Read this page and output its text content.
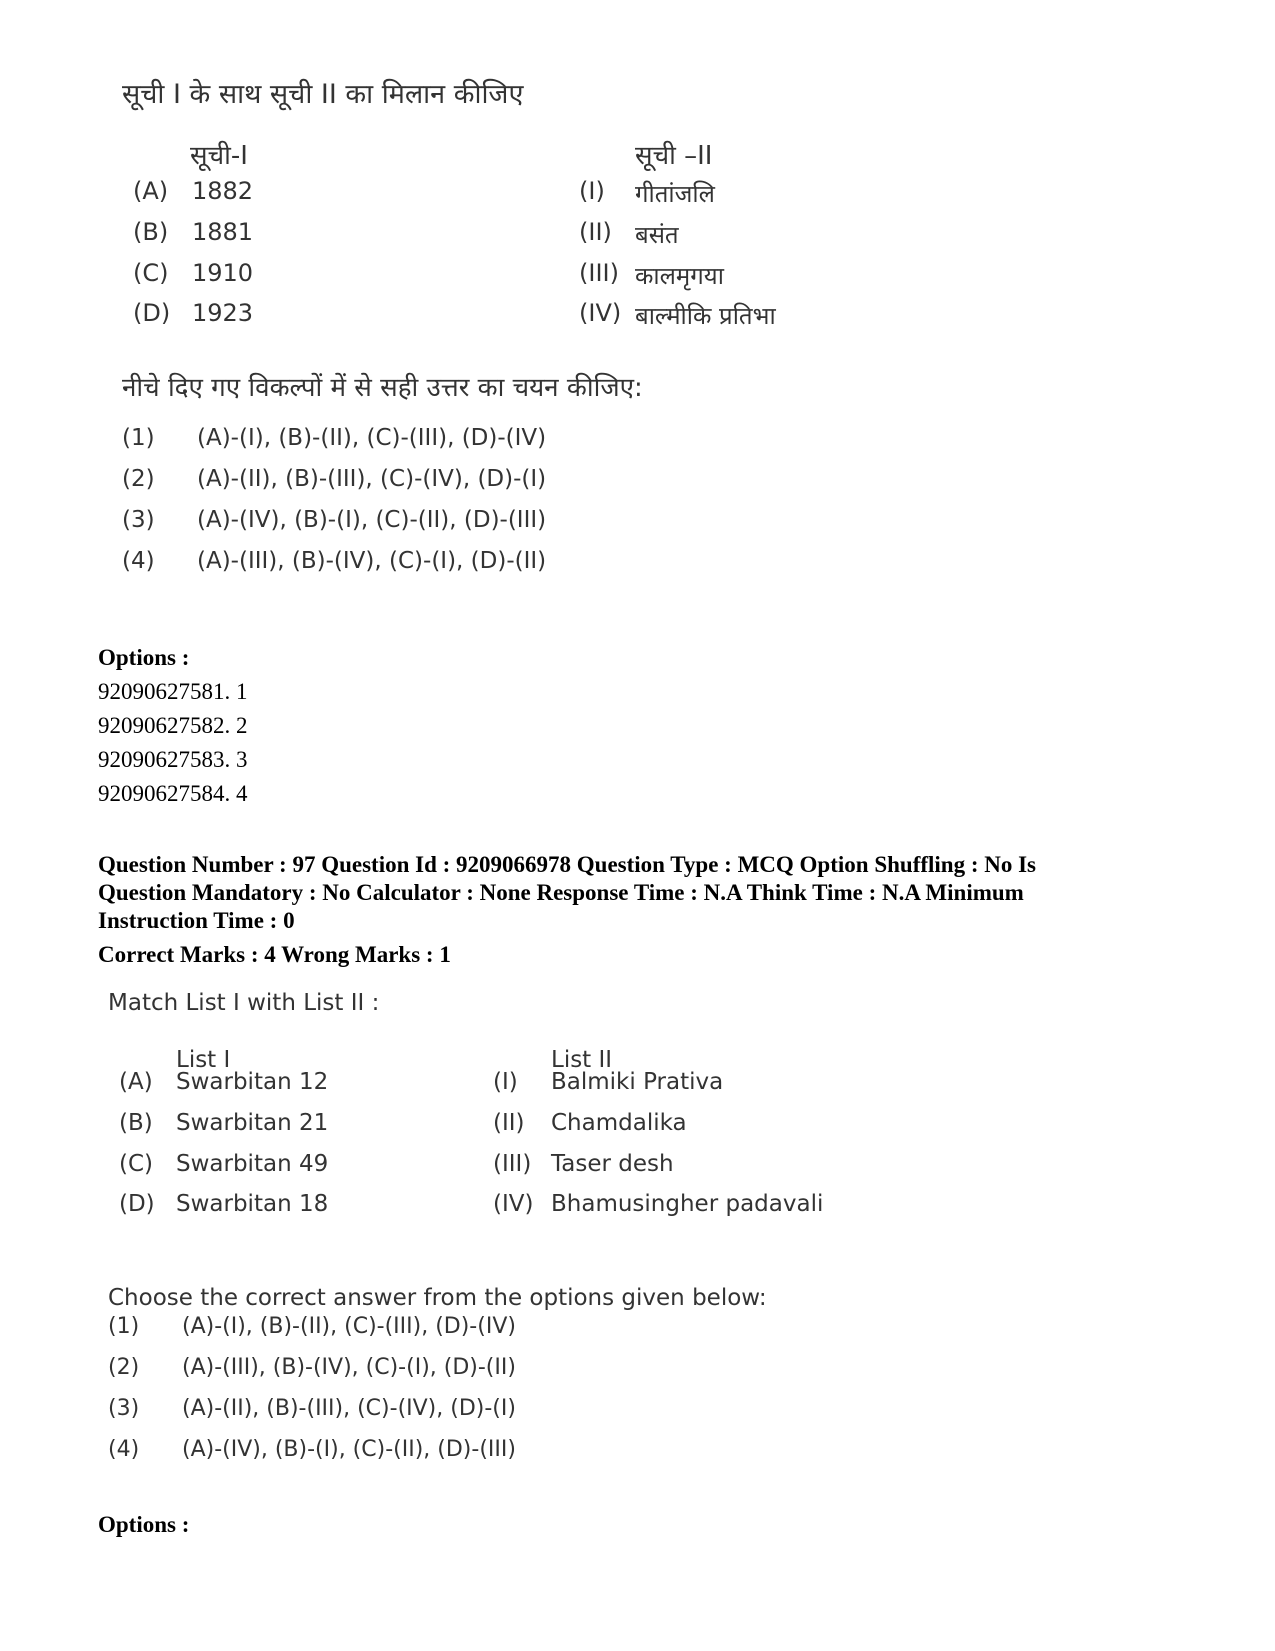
सूची I के साथ सूची II का मिलान कीजिए
सूची-I	सूची –II
(A) 1882	(I) गीतांजलि
(B) 1881	(II) बसंत
(C) 1910	(III) कालमृगया
(D) 1923	(IV) बाल्मीकि प्रतिभा
नीचे दिए गए विकल्पों में से सही उत्तर का चयन कीजिए:
(1) (A)-(I), (B)-(II), (C)-(III), (D)-(IV)
(2) (A)-(II), (B)-(III), (C)-(IV), (D)-(I)
(3) (A)-(IV), (B)-(I), (C)-(II), (D)-(III)
(4) (A)-(III), (B)-(IV), (C)-(I), (D)-(II)
Options :
92090627581. 1
92090627582. 2
92090627583. 3
92090627584. 4
Question Number : 97 Question Id : 9209066978 Question Type : MCQ Option Shuffling : No Is
Question Mandatory : No Calculator : None Response Time : N.A Think Time : N.A Minimum
Instruction Time : 0
Correct Marks : 4 Wrong Marks : 1
Match List I with List II :
List I	List II
(A) Swarbitan 12	(I) Balmiki Prativa
(B) Swarbitan 21	(II) Chamdalika
(C) Swarbitan 49	(III) Taser desh
(D) Swarbitan 18	(IV) Bhamusingher padavali
Choose the correct answer from the options given below:
(1) (A)-(I), (B)-(II), (C)-(III), (D)-(IV)
(2) (A)-(III), (B)-(IV), (C)-(I), (D)-(II)
(3) (A)-(II), (B)-(III), (C)-(IV), (D)-(I)
(4) (A)-(IV), (B)-(I), (C)-(II), (D)-(III)
Options :
